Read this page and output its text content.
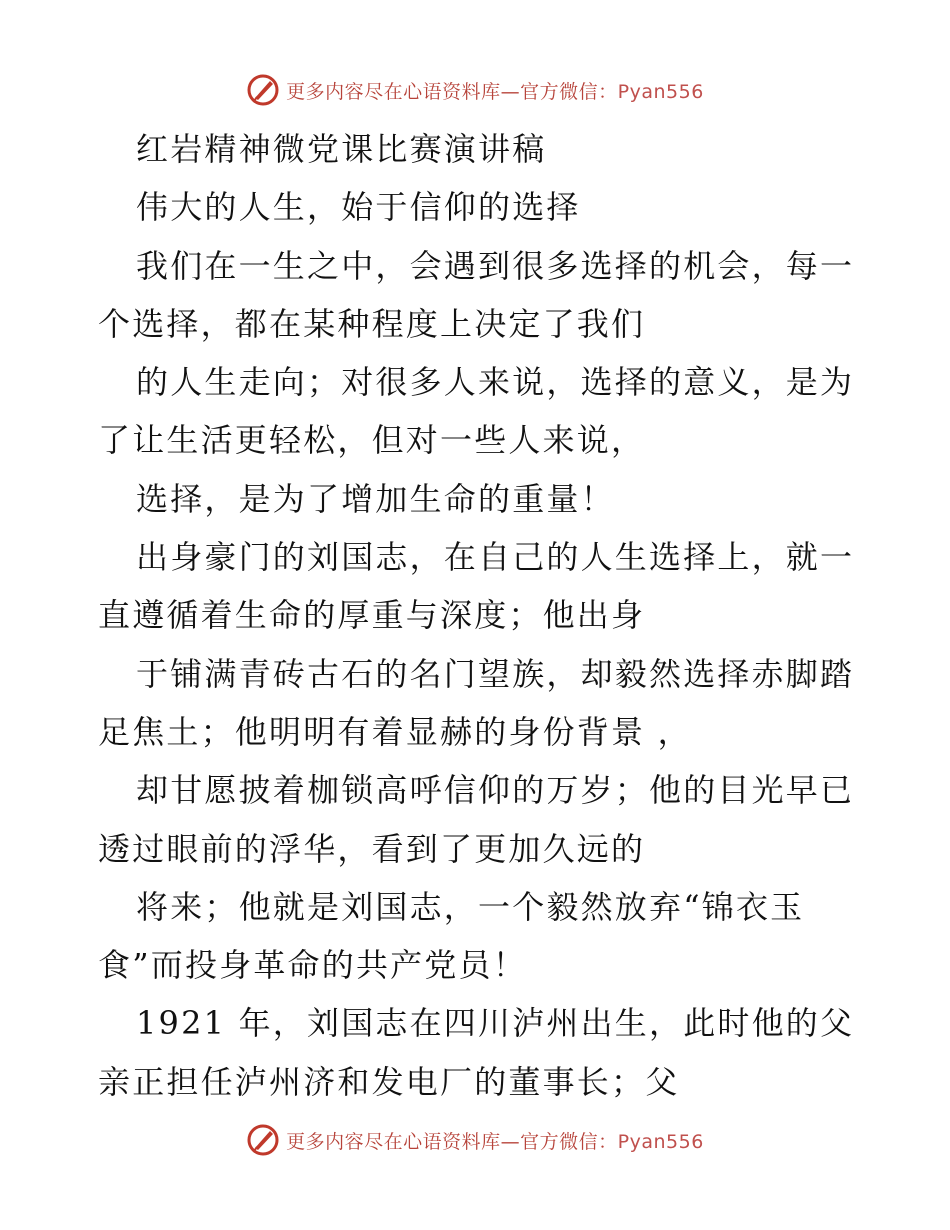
更多内容尽在心语资料库—官方微信：Pyan556
红岩精神微党课比赛演讲稿
伟大的人生，始于信仰的选择
我们在一生之中，会遇到很多选择的机会，每一
个选择，都在某种程度上决定了我们
的人生走向；对很多人来说，选择的意义，是为
了让生活更轻松，但对一些人来说，
选择，是为了增加生命的重量！
出身豪门的刘国志，在自己的人生选择上，就一
直遵循着生命的厚重与深度；他出身
于铺满青砖古石的名门望族，却毅然选择赤脚踏
足焦土；他明明有着显赫的身份背景 ，
却甘愿披着枷锁高呼信仰的万岁；他的目光早已
透过眼前的浮华，看到了更加久远的
将来；他就是刘国志，一个毅然放弃“锦衣玉
食”而投身革命的共产党员！
1921 年，刘国志在四川泸州出生，此时他的父
亲正担任泸州济和发电厂的董事长；父
更多内容尽在心语资料库—官方微信：Pyan556
